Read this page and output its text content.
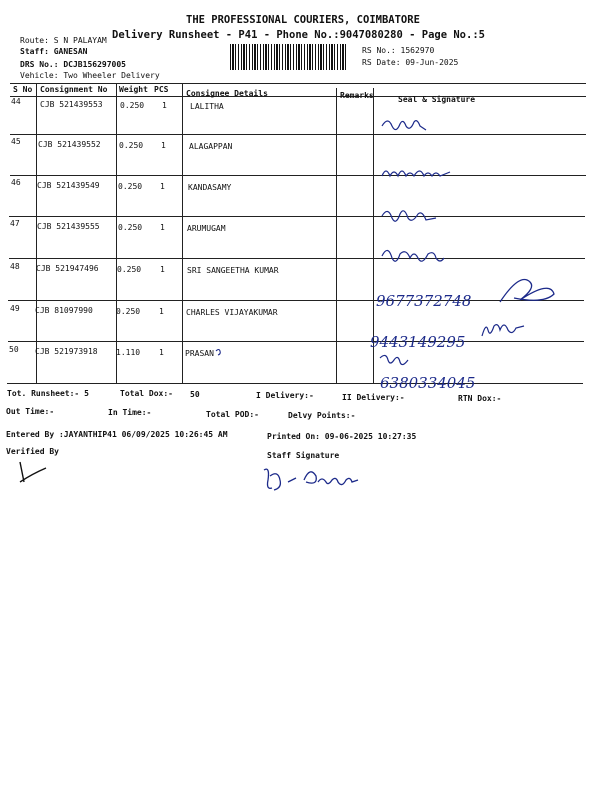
THE PROFESSIONAL COURIERS, COIMBATORE
Delivery Runsheet - P41 - Phone No.:9047080280 - Page No.:5
Route: S N PALAYAM
Staff: GANESAN
DRS No.: DCJB156297005
Vehicle: Two Wheeler Delivery
RS No.: 1562970
RS Date: 09-Jun-2025
S No Consignment No Weight PCS Consignee Details	Remarks	Seal & Signature
44 CJB 521439553 0.250 1	LALITHA
45 CJB 521439552 0.250 1	ALAGAPPAN
46 CJB 521439549 0.250 1	KANDASAMY
47 CJB 521439555 0.250 1	ARUMUGAM
48 CJB 521947496 0.250 1	SRI SANGEETHA KUMAR
49 CJB 81097990	0.250 1	CHARLES VIJAYAKUMAR
50 CJB 521973918 1.110 1	PRASAN
9677372748
9443149295
6380334045
Tot. Runsheet:- 5	Total Dox:- 50	I Delivery:-	II Delivery:-	RTN Dox:-
Out Time:-	In Time:-	Total POD:-	Delvy Points:-
Entered By :JAYANTHIP41 06/09/2025 10:26:45 AM	Printed On: 09-06-2025 10:27:35
Verified By	Staff Signature
